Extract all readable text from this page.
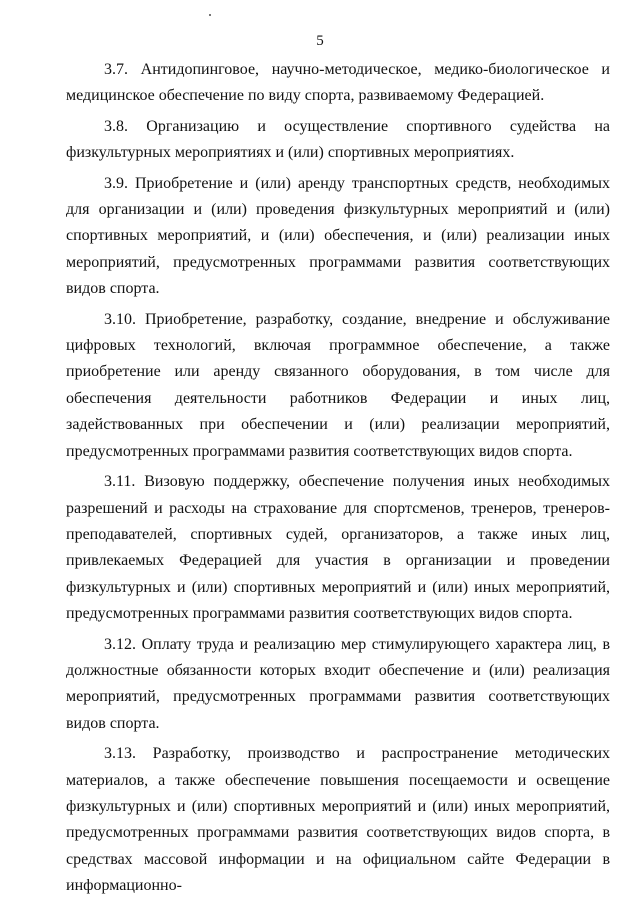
5

3.7. Антидопинговое, научно-методическое, медико-биологическое и медицинское обеспечение по виду спорта, развиваемому Федерацией.

3.8. Организацию и осуществление спортивного судейства на физкультурных мероприятиях и (или) спортивных мероприятиях.

3.9. Приобретение и (или) аренду транспортных средств, необходимых для организации и (или) проведения физкультурных мероприятий и (или) спортивных мероприятий, и (или) обеспечения, и (или) реализации иных мероприятий, предусмотренных программами развития соответствующих видов спорта.

3.10. Приобретение, разработку, создание, внедрение и обслуживание цифровых технологий, включая программное обеспечение, а также приобретение или аренду связанного оборудования, в том числе для обеспечения деятельности работников Федерации и иных лиц, задействованных при обеспечении и (или) реализации мероприятий, предусмотренных программами развития соответствующих видов спорта.

3.11. Визовую поддержку, обеспечение получения иных необходимых разрешений и расходы на страхование для спортсменов, тренеров, тренеров-преподавателей, спортивных судей, организаторов, а также иных лиц, привлекаемых Федерацией для участия в организации и проведении физкультурных и (или) спортивных мероприятий и (или) иных мероприятий, предусмотренных программами развития соответствующих видов спорта.

3.12. Оплату труда и реализацию мер стимулирующего характера лиц, в должностные обязанности которых входит обеспечение и (или) реализация мероприятий, предусмотренных программами развития соответствующих видов спорта.

3.13. Разработку, производство и распространение методических материалов, а также обеспечение повышения посещаемости и освещение физкультурных и (или) спортивных мероприятий и (или) иных мероприятий, предусмотренных программами развития соответствующих видов спорта, в средствах массовой информации и на официальном сайте Федерации в информационно-
